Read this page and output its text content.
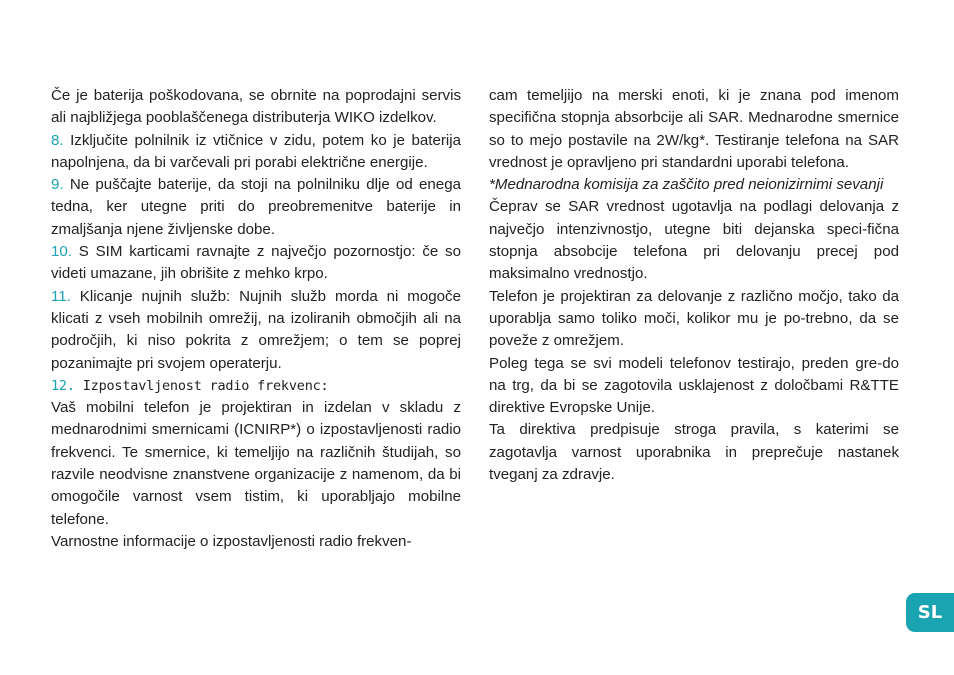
Če je baterija poškodovana, se obrnite na poprodajni servis ali najbližjega pooblaščenega distributerja WIKO izdelkov.

8. Izključite polnilnik iz vtičnice v zidu, potem ko je baterija napolnjena, da bi varčevali pri porabi električne energije.

9. Ne puščajte baterije, da stoji na polnilniku dlje od enega tedna, ker utegne priti do preobremenitve baterije in zmaljšanja njene življenske dobe.

10. S SIM karticami ravnajte z največjo pozornostjo: če so videti umazane, jih obrišite z mehko krpo.

11. Klicanje nujnih služb: Nujnih služb morda ni mogoče klicati z vseh mobilnih omrežij, na izoliranih območjih ali na področjih, ki niso pokrita z omrežjem; o tem se poprej pozanimajte pri svojem operaterju.

12. Izpostavljenost radio frekvenc:

Vaš mobilni telefon je projektiran in izdelan v skladu z mednarodnimi smernicami (ICNIRP*) o izpostavljenosti radio frekvenci. Te smernice, ki temeljijo na različnih študijah, so razvile neodvisne znanstvene organizacije z namenom, da bi omogočile varnost vsem tistim, ki uporabljajo mobilne telefone.

Varnostne informacije o izpostavljenosti radio frekven-

cam temeljijo na merski enoti, ki je znana pod imenom specifična stopnja absorbcije ali SAR. Mednarodne smernice so to mejo postavile na 2W/kg*. Testiranje telefona na SAR vrednost je opravljeno pri standardni uporabi telefona.

*Mednarodna komisija za zaščito pred neionizirnimi sevanji

Čeprav se SAR vrednost ugotavlja na podlagi delovanja z največjo intenzivnostjo, utegne biti dejanska speci-fična stopnja absobcije telefona pri delovanju precej pod maksimalno vrednostjo.

Telefon je projektiran za delovanje z različno močjo, tako da uporablja samo toliko moči, kolikor mu je po-trebno, da se poveže z omrežjem.

Poleg tega se svi modeli telefonov testirajo, preden gre-do na trg, da bi se zagotovila usklajenost z določbami R&TTE direktive Evropske Unije.

Ta direktiva predpisuje stroga pravila, s katerimi se zagotavlja varnost uporabnika in preprečuje nastanek tveganj za zdravje.

SL
